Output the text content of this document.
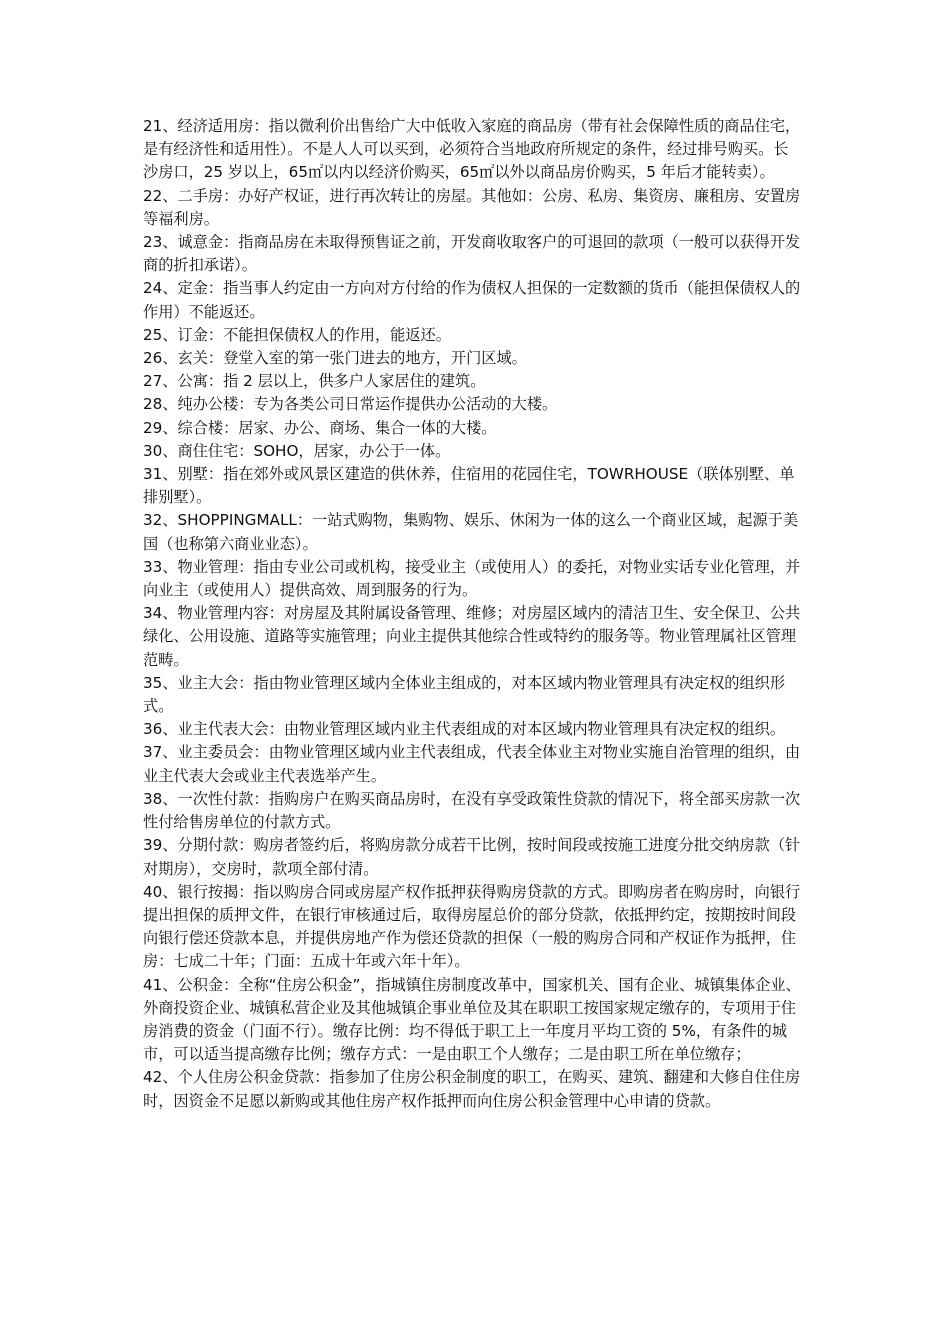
21、经济适用房：指以微利价出售给广大中低收入家庭的商品房（带有社会保障性质的商品住宅，是有经济性和适用性）。不是人人可以买到，必须符合当地政府所规定的条件，经过排号购买。长沙房口，25 岁以上，65㎡以内以经济价购买，65㎡以外以商品房价购买，5 年后才能转卖）。

22、二手房：办好产权证，进行再次转让的房屋。其他如：公房、私房、集资房、廉租房、安置房等福利房。

23、诚意金：指商品房在未取得预售证之前，开发商收取客户的可退回的款项（一般可以获得开发商的折扣承诺）。

24、定金：指当事人约定由一方向对方付给的作为债权人担保的一定数额的货币（能担保债权人的作用）不能返还。

25、订金：不能担保债权人的作用，能返还。

26、玄关：登堂入室的第一张门进去的地方，开门区域。

27、公寓：指 2 层以上，供多户人家居住的建筑。

28、纯办公楼：专为各类公司日常运作提供办公活动的大楼。

29、综合楼：居家、办公、商场、集合一体的大楼。

30、商住住宅：SOHO，居家，办公于一体。

31、别墅：指在郊外或风景区建造的供休养，住宿用的花园住宅，TOWRHOUSE（联体别墅、单排别墅）。

32、SHOPPINGMALL：一站式购物，集购物、娱乐、休闲为一体的这么一个商业区域，起源于美国（也称第六商业业态）。

33、物业管理：指由专业公司或机构，接受业主（或使用人）的委托，对物业实话专业化管理，并向业主（或使用人）提供高效、周到服务的行为。

34、物业管理内容：对房屋及其附属设备管理、维修；对房屋区域内的清洁卫生、安全保卫、公共绿化、公用设施、道路等实施管理；向业主提供其他综合性或特约的服务等。物业管理属社区管理范畴。

35、业主大会：指由物业管理区域内全体业主组成的，对本区域内物业管理具有决定权的组织形式。

36、业主代表大会：由物业管理区域内业主代表组成的对本区域内物业管理具有决定权的组织。

37、业主委员会：由物业管理区域内业主代表组成，代表全体业主对物业实施自治管理的组织，由业主代表大会或业主代表选举产生。

38、一次性付款：指购房户在购买商品房时，在没有享受政策性贷款的情况下，将全部买房款一次性付给售房单位的付款方式。

39、分期付款：购房者签约后，将购房款分成若干比例，按时间段或按施工进度分批交纳房款（针对期房），交房时，款项全部付清。

40、银行按揭：指以购房合同或房屋产权作抵押获得购房贷款的方式。即购房者在购房时，向银行提出担保的质押文件，在银行审核通过后，取得房屋总价的部分贷款，依抵押约定，按期按时间段向银行偿还贷款本息，并提供房地产作为偿还贷款的担保（一般的购房合同和产权证作为抵押，住房：七成二十年；门面：五成十年或六年十年）。

41、公积金：全称“住房公积金”，指城镇住房制度改革中，国家机关、国有企业、城镇集体企业、外商投资企业、城镇私营企业及其他城镇企事业单位及其在职职工按国家规定缴存的，专项用于住房消费的资金（门面不行）。缴存比例：均不得低于职工上一年度月平均工资的 5%，有条件的城市，可以适当提高缴存比例；缴存方式：一是由职工个人缴存；二是由职工所在单位缴存；

42、个人住房公积金贷款：指参加了住房公积金制度的职工，在购买、建筑、翻建和大修自住住房时，因资金不足愿以新购或其他住房产权作抵押而向住房公积金管理中心申请的贷款。
